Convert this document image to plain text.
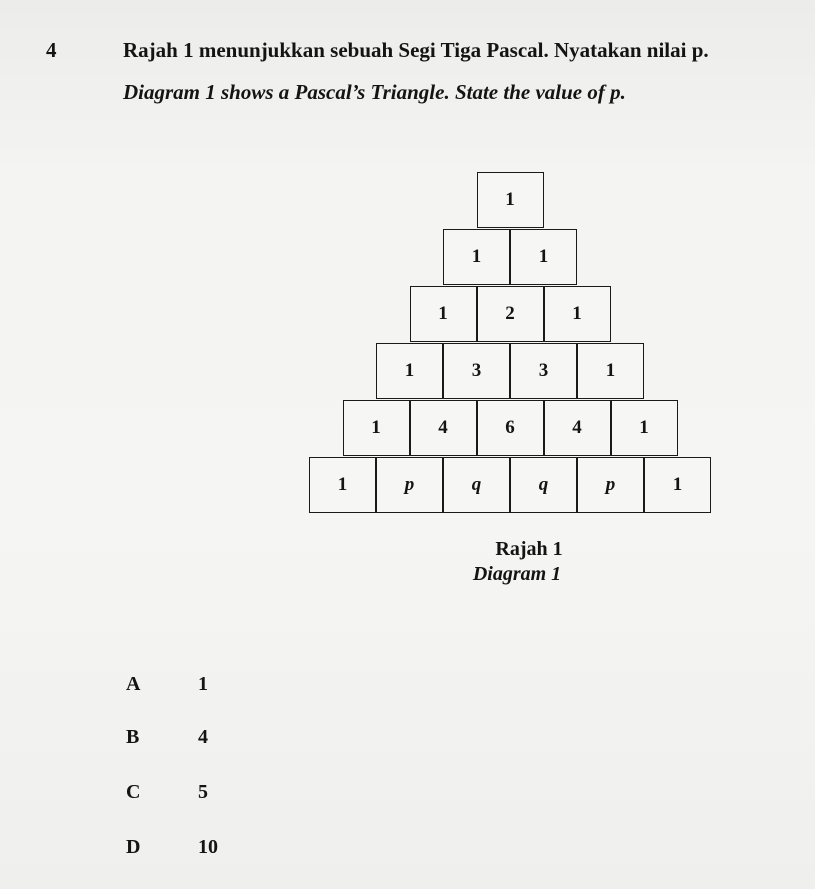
4	Rajah 1 menunjukkan sebuah Segi Tiga Pascal. Nyatakan nilai p.
Diagram 1 shows a Pascal’s Triangle. State the value of p.
1
1	1
1	2	1
1	3	3	1
1	4	6	4	1
1	p	q	q	p	1
Rajah 1
Diagram 1
A	1
B	4
C	5
D	10
